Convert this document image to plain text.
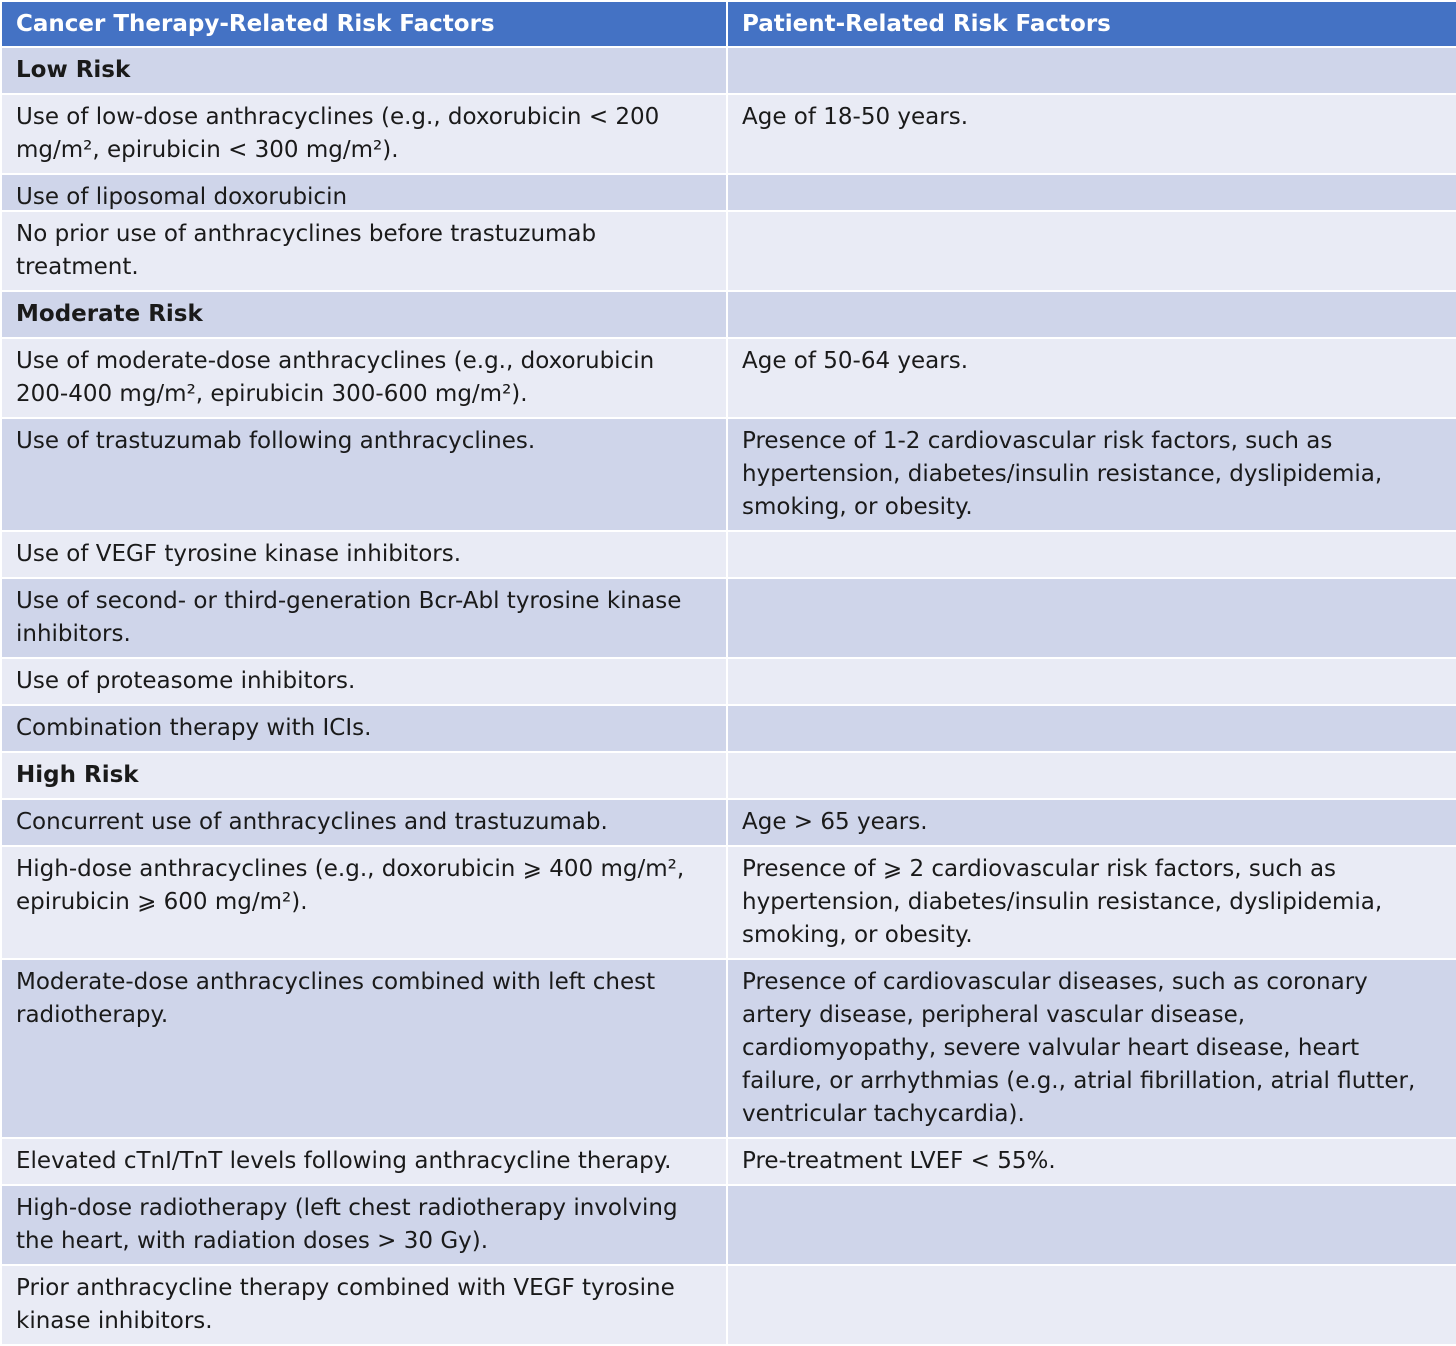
Cancer Therapy-Related Risk Factors	Patient-Related Risk Factors
Low Risk	
Use of low-dose anthracyclines (e.g., doxorubicin < 200 mg/m², epirubicin < 300 mg/m²).	Age of 18-50 years.

Use of liposomal doxorubicin	

No prior use of anthracyclines before trastuzumab treatment.	
Moderate Risk	
Use of moderate-dose anthracyclines (e.g., doxorubicin 200-400 mg/m², epirubicin 300-600 mg/m²).	Age of 50-64 years.
Use of trastuzumab following anthracyclines.	Presence of 1-2 cardiovascular risk factors, such as hypertension, diabetes/insulin resistance, dyslipidemia, smoking, or obesity.
Use of VEGF tyrosine kinase inhibitors.	
Use of second- or third-generation Bcr-Abl tyrosine kinase inhibitors.	
Use of proteasome inhibitors.	
Combination therapy with ICIs.	
High Risk	
Concurrent use of anthracyclines and trastuzumab.	Age > 65 years.
High-dose anthracyclines (e.g., doxorubicin ⩾ 400 mg/m², epirubicin ⩾ 600 mg/m²).	Presence of ⩾ 2 cardiovascular risk factors, such as hypertension, diabetes/insulin resistance, dyslipidemia, smoking, or obesity.
Moderate-dose anthracyclines combined with left chest radiotherapy.	Presence of cardiovascular diseases, such as coronary artery disease, peripheral vascular disease, cardiomyopathy, severe valvular heart disease, heart failure, or arrhythmias (e.g., atrial fibrillation, atrial flutter, ventricular tachycardia).
Elevated cTnI/TnT levels following anthracycline therapy.	Pre-treatment LVEF < 55%.
High-dose radiotherapy (left chest radiotherapy involving the heart, with radiation doses > 30 Gy).	
Prior anthracycline therapy combined with VEGF tyrosine kinase inhibitors.	
